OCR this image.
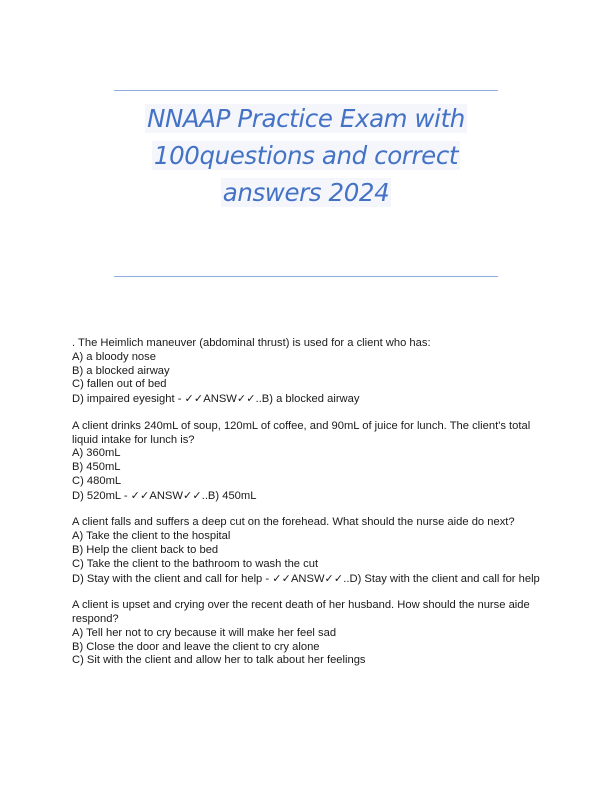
NNAAP Practice Exam with
100questions and correct
answers 2024
. The Heimlich maneuver (abdominal thrust) is used for a client who has:
A) a bloody nose
B) a blocked airway
C) fallen out of bed
D) impaired eyesight - ✓✓ANSW✓✓..B) a blocked airway
A client drinks 240mL of soup, 120mL of coffee, and 90mL of juice for lunch. The client's total liquid intake for lunch is?
A) 360mL
B) 450mL
C) 480mL
D) 520mL - ✓✓ANSW✓✓..B) 450mL
A client falls and suffers a deep cut on the forehead. What should the nurse aide do next?
A) Take the client to the hospital
B) Help the client back to bed
C) Take the client to the bathroom to wash the cut
D) Stay with the client and call for help - ✓✓ANSW✓✓..D) Stay with the client and call for help
A client is upset and crying over the recent death of her husband. How should the nurse aide respond?
A) Tell her not to cry because it will make her feel sad
B) Close the door and leave the client to cry alone
C) Sit with the client and allow her to talk about her feelings
